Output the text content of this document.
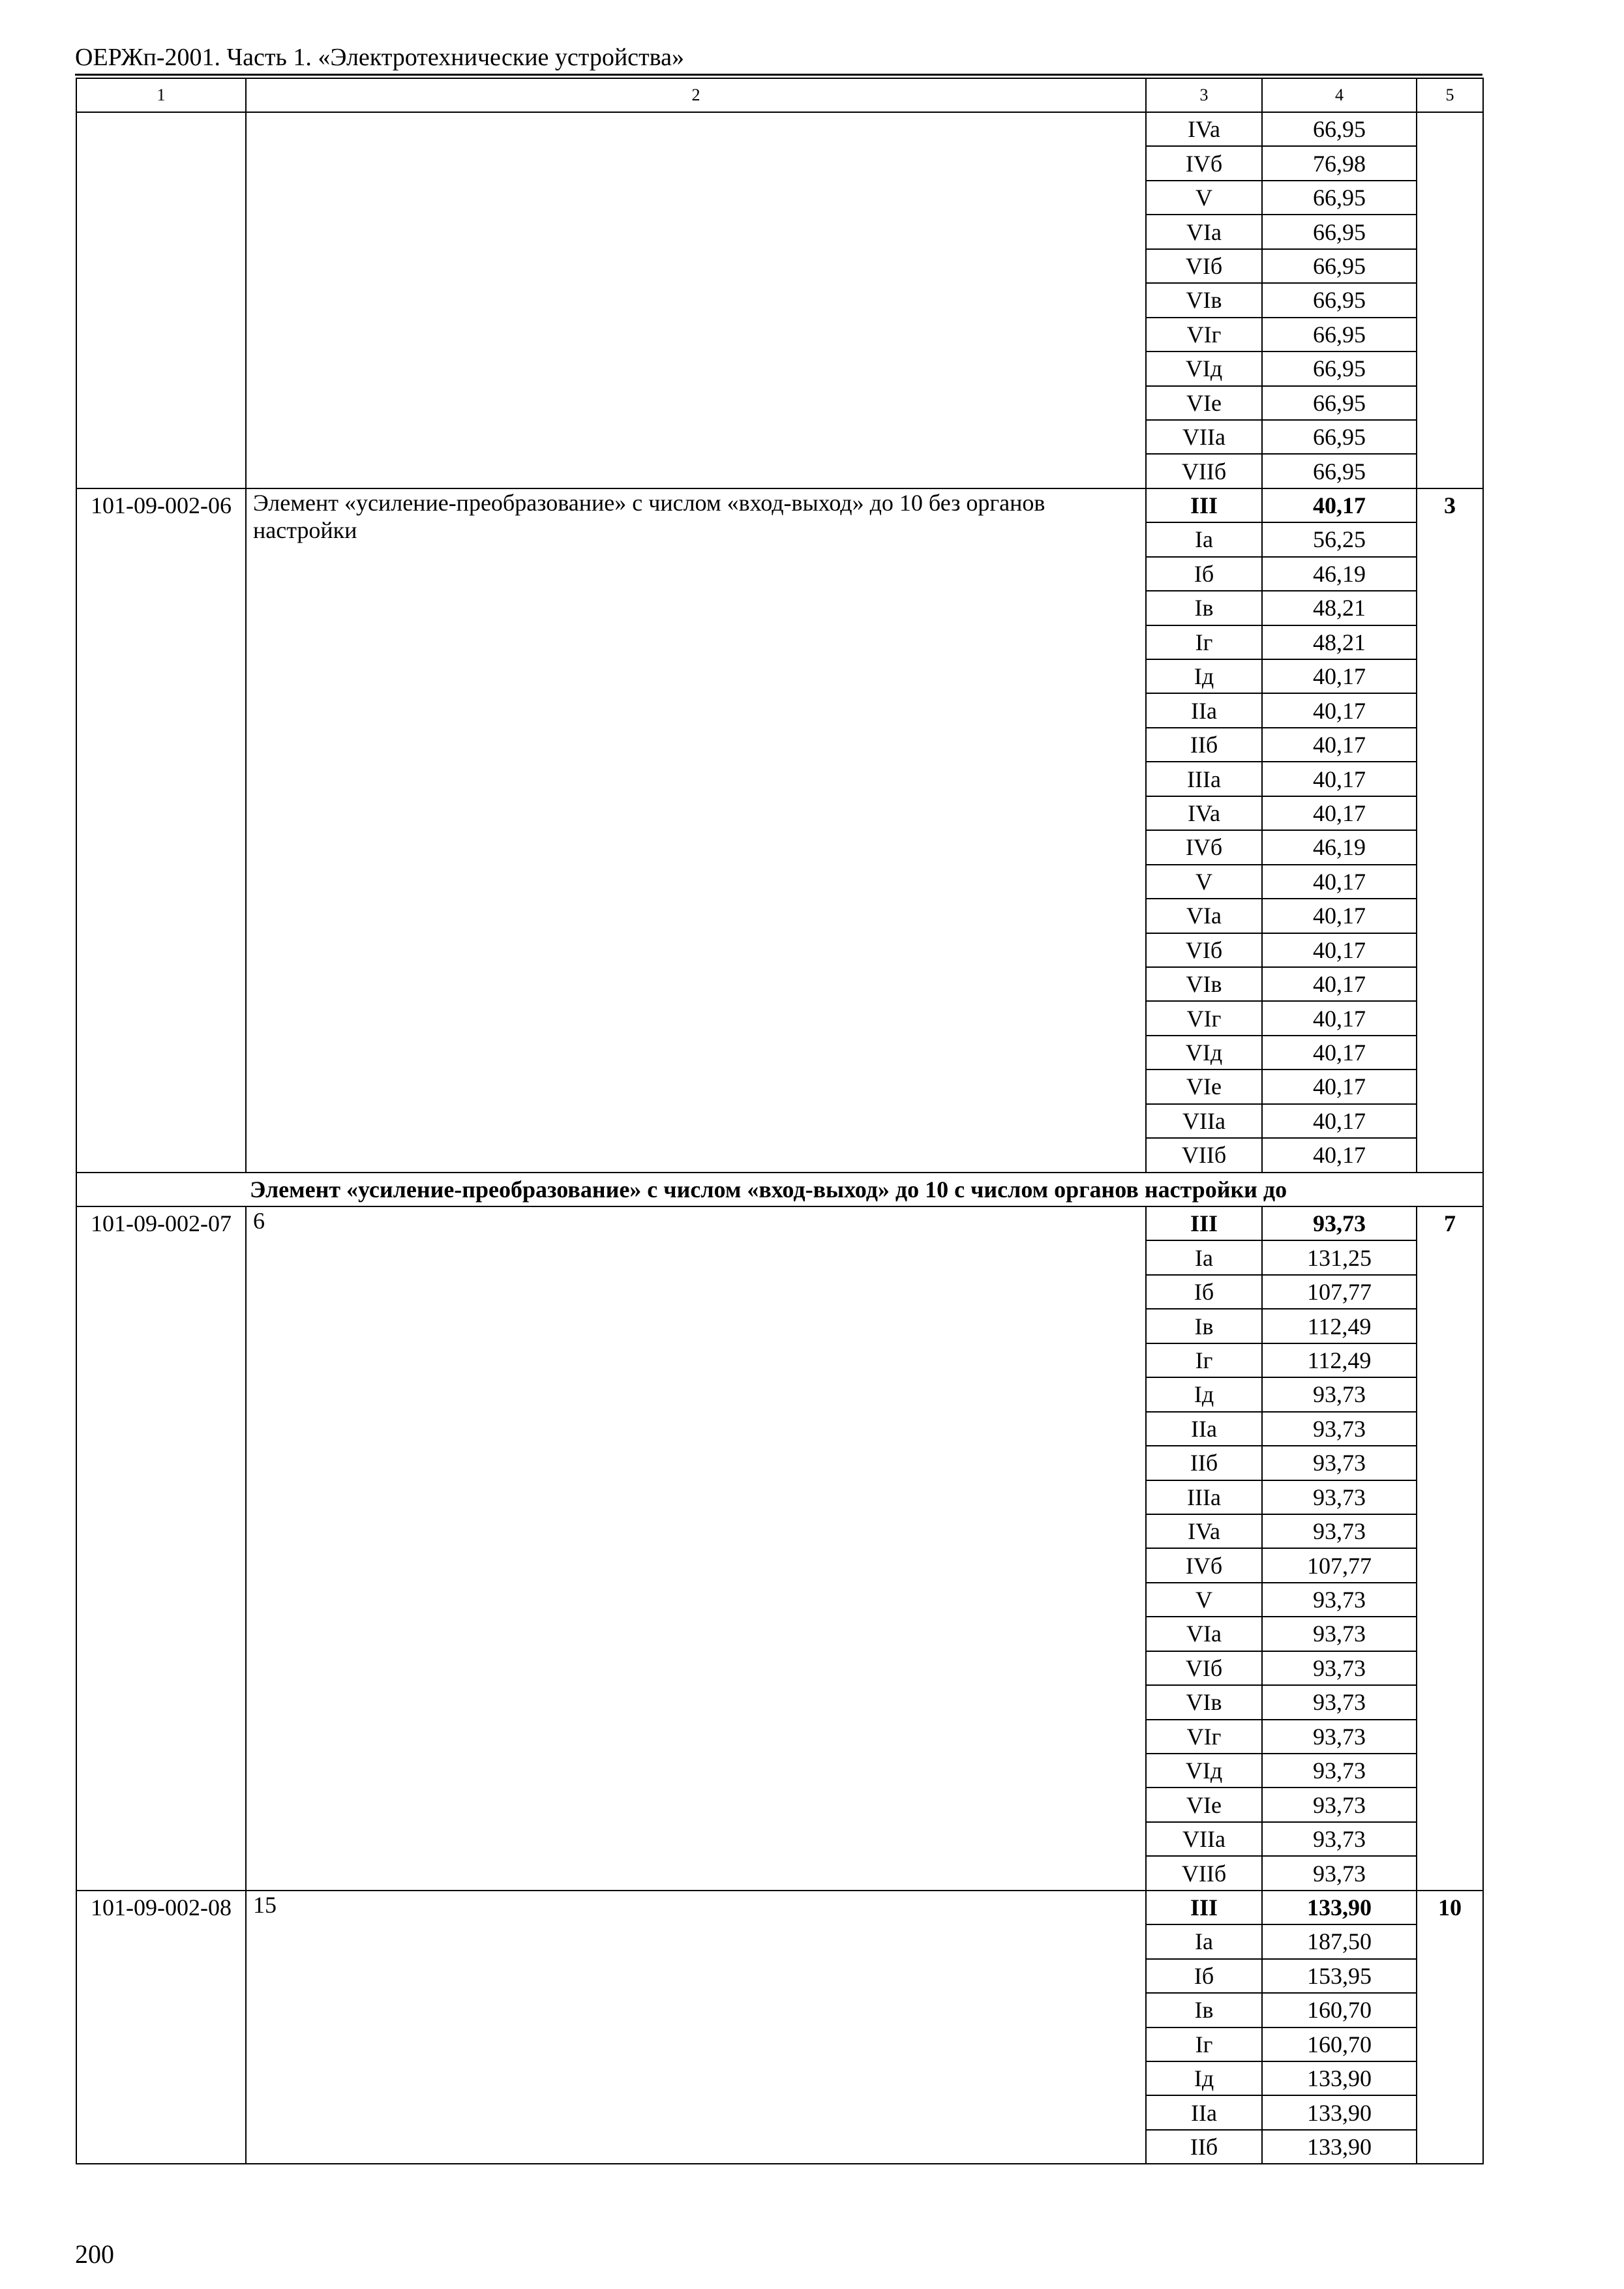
ОЕРЖп-2001. Часть 1. «Электротехнические устройства»
1	2	3	4	5
		IVa	66,95	
		IVб	76,98	
		V	66,95	
		VIa	66,95	
		VIб	66,95	
		VIв	66,95	
		VIг	66,95	
		VIд	66,95	
		VIe	66,95	
		VIIa	66,95	
		VIIб	66,95	
101-09-002-06	Элемент «усиление-преобразование» с числом «вход-выход» до 10 без органов настройки	III	40,17	3
		Ia	56,25	
		Iб	46,19	
		Iв	48,21	
		Iг	48,21	
		Iд	40,17	
		IIa	40,17	
		IIб	40,17	
		IIIa	40,17	
		IVa	40,17	
		IVб	46,19	
		V	40,17	
		VIa	40,17	
		VIб	40,17	
		VIв	40,17	
		VIг	40,17	
		VIд	40,17	
		VIe	40,17	
		VIIa	40,17	
		VIIб	40,17	
Элемент «усиление-преобразование» с числом «вход-выход» до 10 с числом органов настройки до				
101-09-002-07	6	III	93,73	7
		Ia	131,25	
		Iб	107,77	
		Iв	112,49	
		Iг	112,49	
		Iд	93,73	
		IIa	93,73	
		IIб	93,73	
		IIIa	93,73	
		IVa	93,73	
		IVб	107,77	
		V	93,73	
		VIa	93,73	
		VIб	93,73	
		VIв	93,73	
		VIг	93,73	
		VIд	93,73	
		VIe	93,73	
		VIIa	93,73	
		VIIб	93,73	
101-09-002-08	15	III	133,90	10
		Ia	187,50	
		Iб	153,95	
		Iв	160,70	
		Iг	160,70	
		Iд	133,90	
		IIa	133,90	
		IIб	133,90	
200
